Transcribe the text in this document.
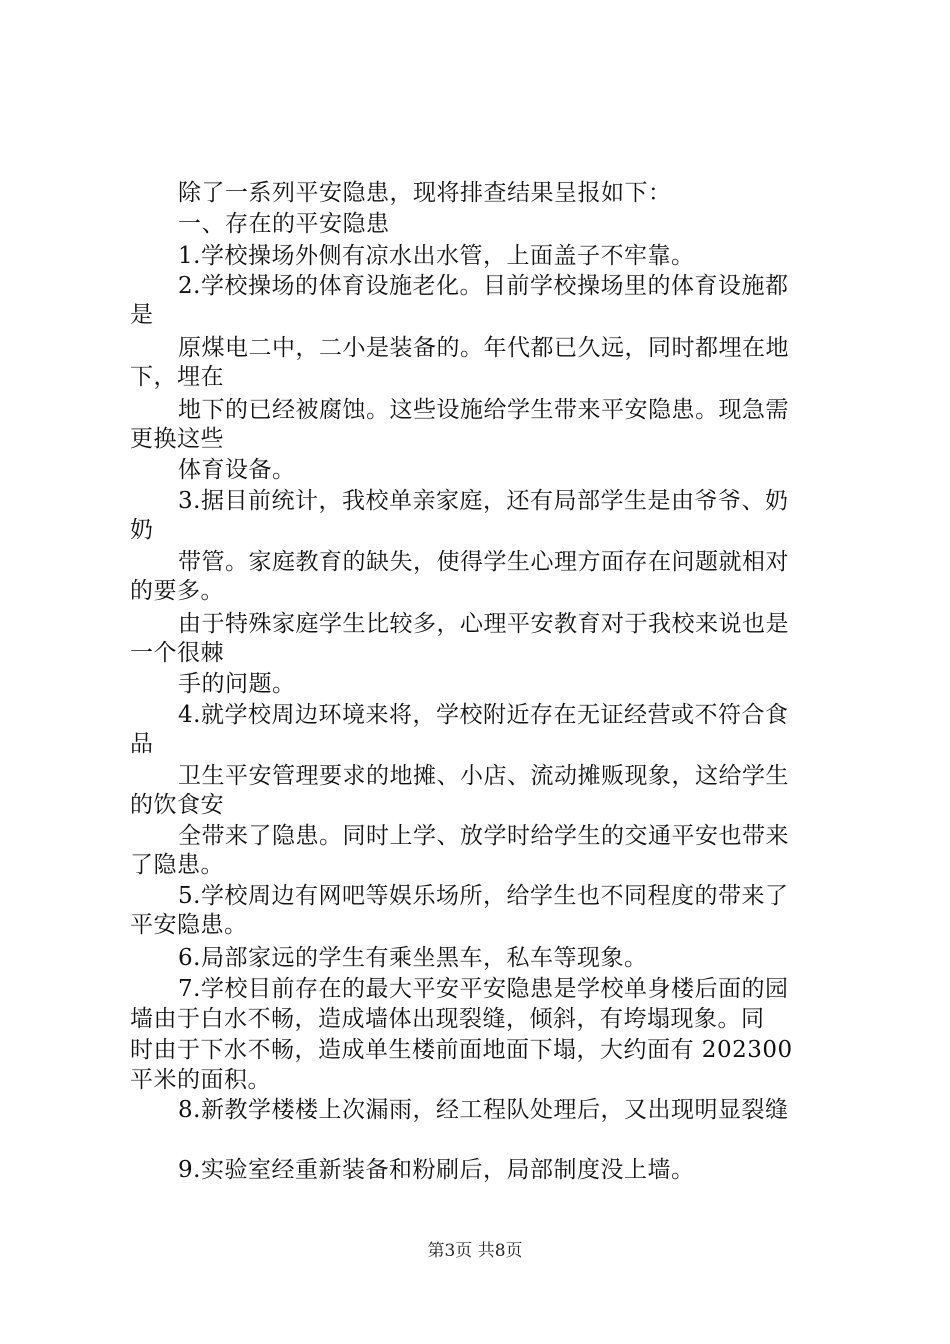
除了一系列平安隐患，现将排查结果呈报如下：
一、存在的平安隐患
1.学校操场外侧有凉水出水管，上面盖子不牢靠。
2.学校操场的体育设施老化。目前学校操场里的体育设施都
是
原煤电二中，二小是装备的。年代都已久远，同时都埋在地
下，埋在
地下的已经被腐蚀。这些设施给学生带来平安隐患。现急需
更换这些
体育设备。
3.据目前统计，我校单亲家庭，还有局部学生是由爷爷、奶
奶
带管。家庭教育的缺失，使得学生心理方面存在问题就相对
的要多。
由于特殊家庭学生比较多，心理平安教育对于我校来说也是
一个很棘
手的问题。
4.就学校周边环境来将，学校附近存在无证经营或不符合食
品
卫生平安管理要求的地摊、小店、流动摊贩现象，这给学生
的饮食安
全带来了隐患。同时上学、放学时给学生的交通平安也带来
了隐患。
5.学校周边有网吧等娱乐场所，给学生也不同程度的带来了
平安隐患。
6.局部家远的学生有乘坐黑车，私车等现象。
7.学校目前存在的最大平安平安隐患是学校单身楼后面的园
墙由于白水不畅，造成墙体出现裂缝，倾斜，有垮塌现象。同
时由于下水不畅，造成单生楼前面地面下塌，大约面有 202300
平米的面积。
8.新教学楼楼上次漏雨，经工程队处理后，又出现明显裂缝
9.实验室经重新装备和粉刷后，局部制度没上墙。
第3页 共8页
